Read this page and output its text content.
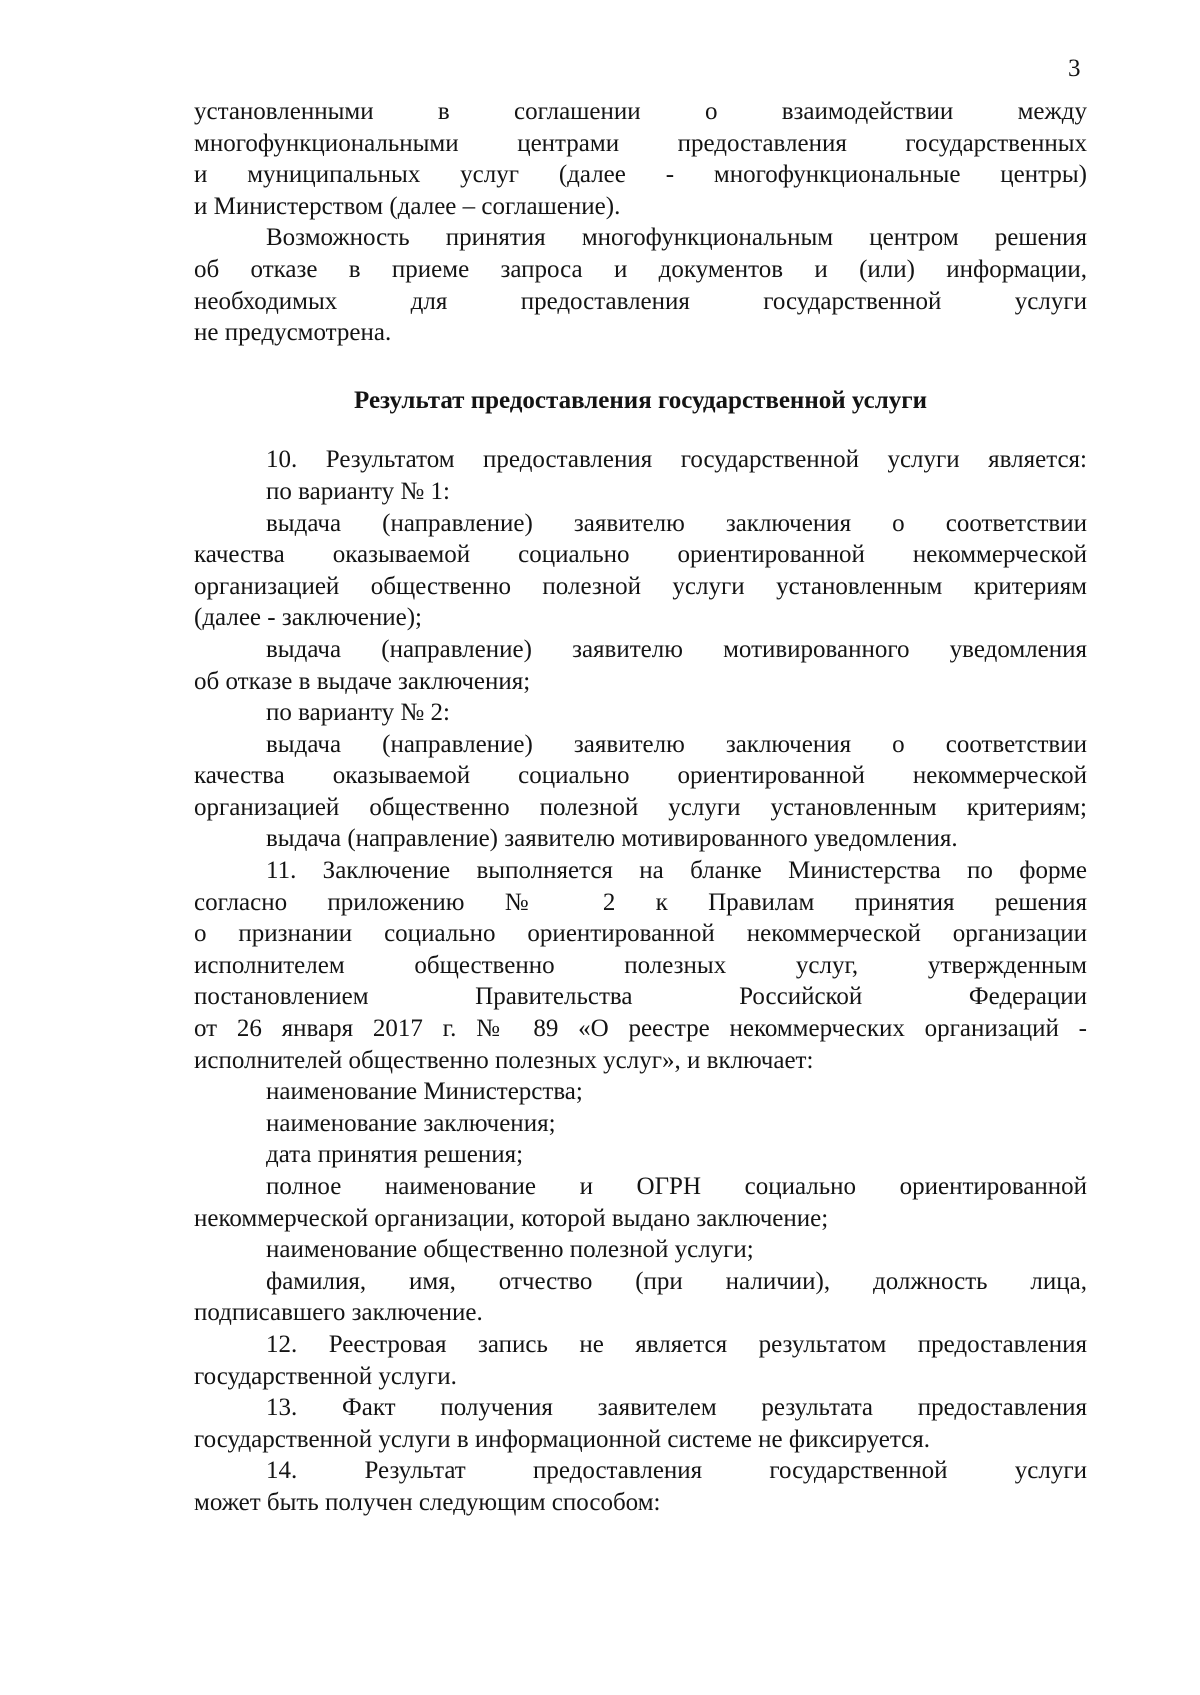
3

установленными в соглашении о взаимодействии между

многофункциональными центрами предоставления государственных

и муниципальных услуг (далее - многофункциональные центры)

и Министерством (далее – соглашение).

Возможность принятия многофункциональным центром решения

об отказе в приеме запроса и документов и (или) информации,

необходимых для предоставления государственной услуги

не предусмотрена.

Результат предоставления государственной услуги

10. Результатом предоставления государственной услуги является:

по варианту № 1:

выдача (направление) заявителю заключения о соответствии

качества оказываемой социально ориентированной некоммерческой

организацией общественно полезной услуги установленным критериям

(далее - заключение);

выдача (направление) заявителю мотивированного уведомления

об отказе в выдаче заключения;

по варианту № 2:

выдача (направление) заявителю заключения о соответствии

качества оказываемой социально ориентированной некоммерческой

организацией общественно полезной услуги установленным критериям;

выдача (направление) заявителю мотивированного уведомления.

11. Заключение выполняется на бланке Министерства по форме

согласно приложению № 2 к Правилам принятия решения

о признании социально ориентированной некоммерческой организации

исполнителем общественно полезных услуг, утвержденным

постановлением Правительства Российской Федерации

от 26 января 2017 г. № 89 «О реестре некоммерческих организаций -

исполнителей общественно полезных услуг», и включает:

наименование Министерства;

наименование заключения;

дата принятия решения;

полное наименование и ОГРН социально ориентированной

некоммерческой организации, которой выдано заключение;

наименование общественно полезной услуги;

фамилия, имя, отчество (при наличии), должность лица,

подписавшего заключение.

12. Реестровая запись не является результатом предоставления

государственной услуги.

13. Факт получения заявителем результата предоставления

государственной услуги в информационной системе не фиксируется.

14. Результат предоставления государственной услуги

может быть получен следующим способом:
